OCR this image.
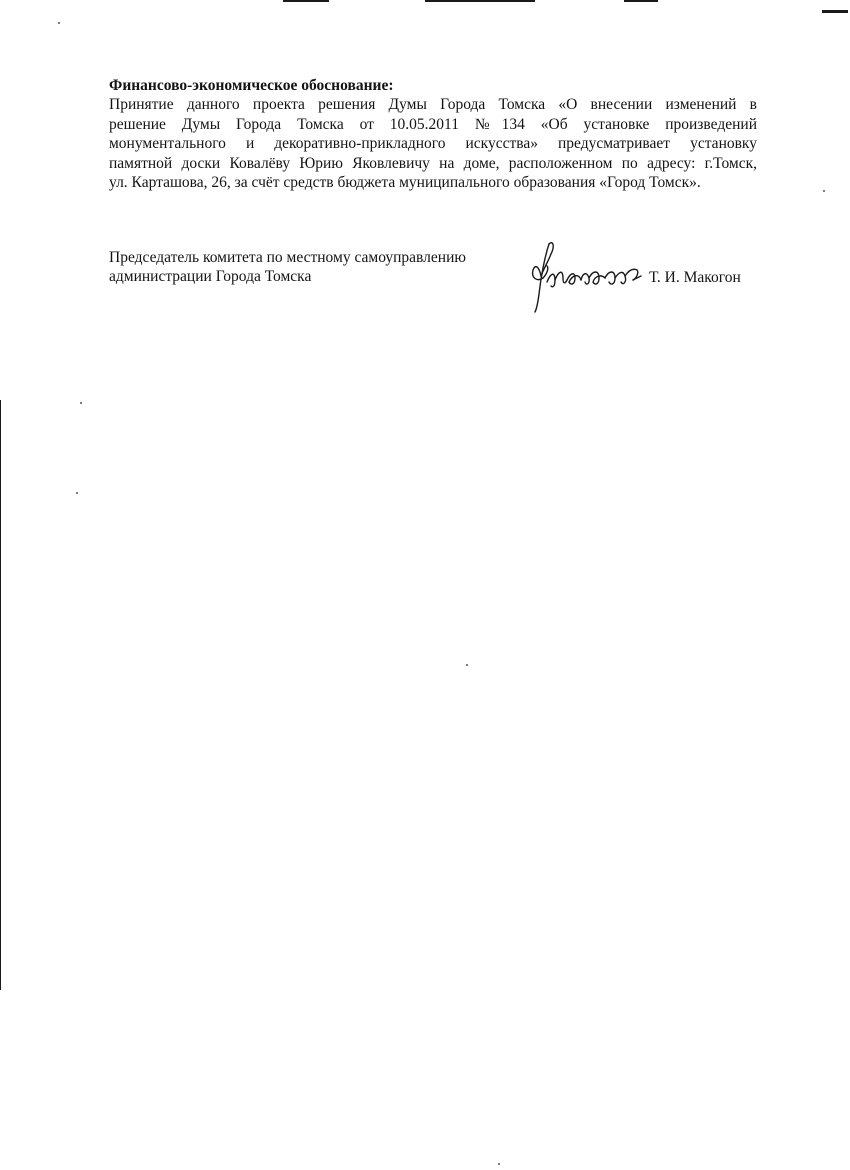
Финансово-экономическое обоснование:

Принятие данного проекта решения Думы Города Томска «О внесении изменений в

решение Думы Города Томска от 10.05.2011 №134 «Об установке произведений

монументального и декоративно-прикладного искусства» предусматривает установку

памятной доски Ковалёву Юрию Яковлевичу на доме, расположенном по адресу: г.Томск,

ул. Карташова, 26, за счёт средств бюджета муниципального образования «Город Томск».

Председатель комитета по местному самоуправлению
администрации Города Томска	Т. И. Макогон
